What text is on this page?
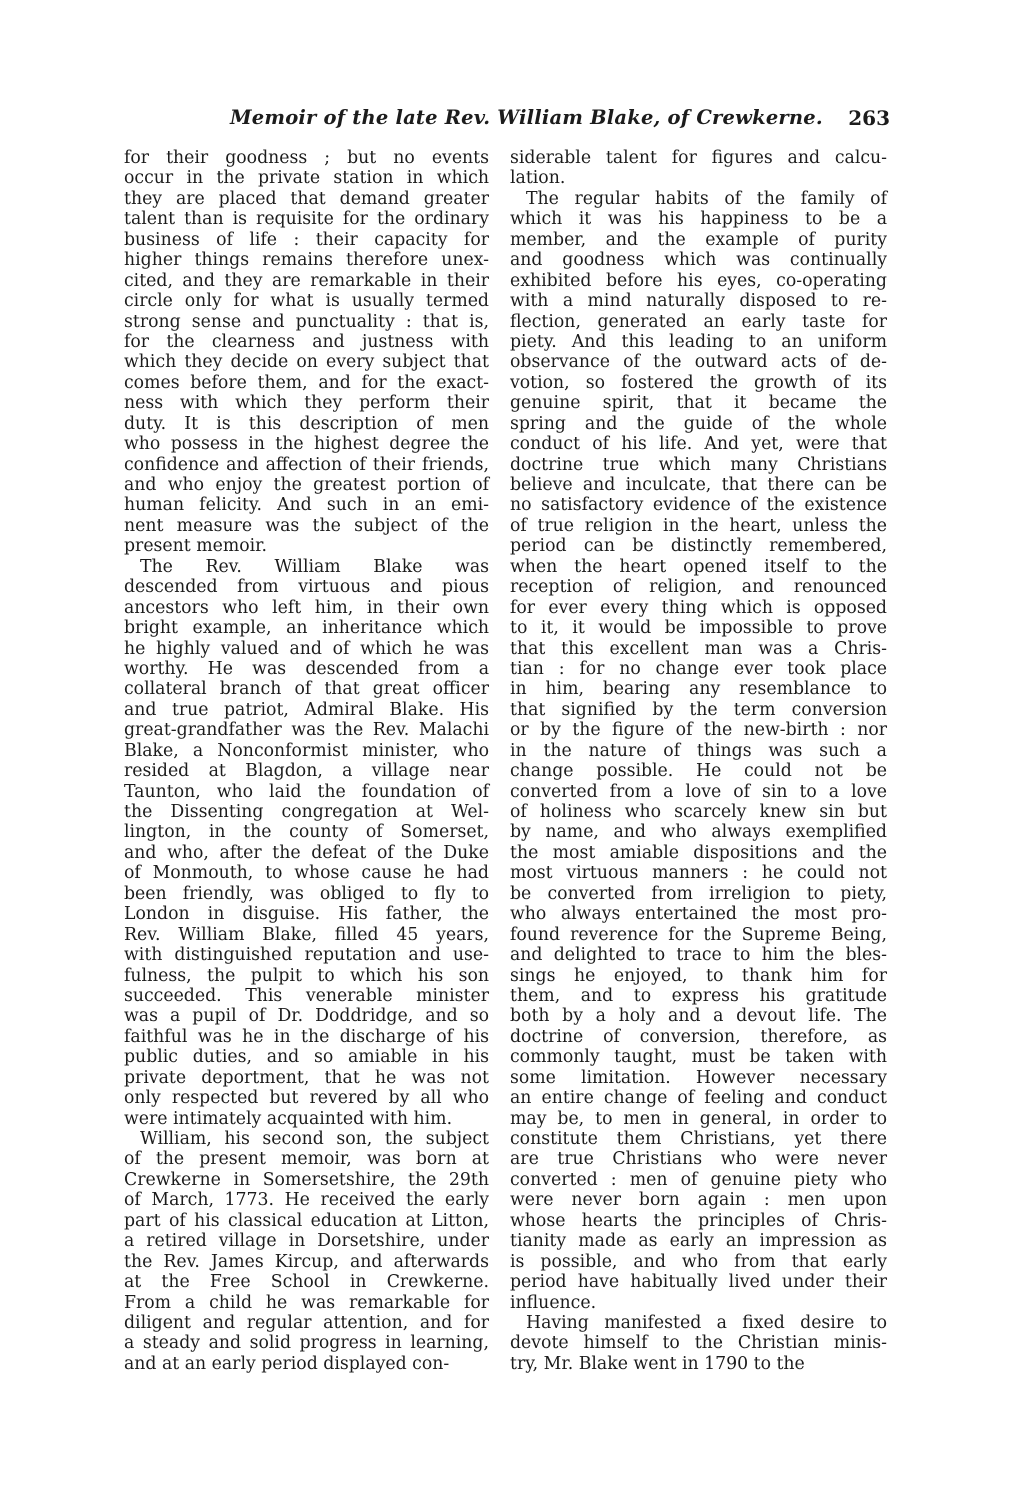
Memoir of the late Rev. William Blake, of Crewkerne. 263
for their goodness ; but no events
occur in the private station in which
they are placed that demand greater
talent than is requisite for the ordinary
business of life : their capacity for
higher things remains therefore unex-
cited, and they are remarkable in their
circle only for what is usually termed
strong sense and punctuality : that is,
for the clearness and justness with
which they decide on every subject that
comes before them, and for the exact-
ness with which they perform their
duty. It is this description of men
who possess in the highest degree the
confidence and affection of their friends,
and who enjoy the greatest portion of
human felicity. And such in an emi-
nent measure was the subject of the
present memoir.
The Rev. William Blake was
descended from virtuous and pious
ancestors who left him, in their own
bright example, an inheritance which
he highly valued and of which he was
worthy. He was descended from a
collateral branch of that great officer
and true patriot, Admiral Blake. His
great-grandfather was the Rev. Malachi
Blake, a Nonconformist minister, who
resided at Blagdon, a village near
Taunton, who laid the foundation of
the Dissenting congregation at Wel-
lington, in the county of Somerset,
and who, after the defeat of the Duke
of Monmouth, to whose cause he had
been friendly, was obliged to fly to
London in disguise. His father, the
Rev. William Blake, filled 45 years,
with distinguished reputation and use-
fulness, the pulpit to which his son
succeeded. This venerable minister
was a pupil of Dr. Doddridge, and so
faithful was he in the discharge of his
public duties, and so amiable in his
private deportment, that he was not
only respected but revered by all who
were intimately acquainted with him.
William, his second son, the subject
of the present memoir, was born at
Crewkerne in Somersetshire, the 29th
of March, 1773. He received the early
part of his classical education at Litton,
a retired village in Dorsetshire, under
the Rev. James Kircup, and afterwards
at the Free School in Crewkerne.
From a child he was remarkable for
diligent and regular attention, and for
a steady and solid progress in learning,
and at an early period displayed con-
siderable talent for figures and calcu-
lation.
The regular habits of the family of
which it was his happiness to be a
member, and the example of purity
and goodness which was continually
exhibited before his eyes, co-operating
with a mind naturally disposed to re-
flection, generated an early taste for
piety. And this leading to an uniform
observance of the outward acts of de-
votion, so fostered the growth of its
genuine spirit, that it became the
spring and the guide of the whole
conduct of his life. And yet, were that
doctrine true which many Christians
believe and inculcate, that there can be
no satisfactory evidence of the existence
of true religion in the heart, unless the
period can be distinctly remembered,
when the heart opened itself to the
reception of religion, and renounced
for ever every thing which is opposed
to it, it would be impossible to prove
that this excellent man was a Chris-
tian : for no change ever took place
in him, bearing any resemblance to
that signified by the term conversion
or by the figure of the new-birth : nor
in the nature of things was such a
change possible. He could not be
converted from a love of sin to a love
of holiness who scarcely knew sin but
by name, and who always exemplified
the most amiable dispositions and the
most virtuous manners : he could not
be converted from irreligion to piety,
who always entertained the most pro-
found reverence for the Supreme Being,
and delighted to trace to him the bles-
sings he enjoyed, to thank him for
them, and to express his gratitude
both by a holy and a devout life. The
doctrine of conversion, therefore, as
commonly taught, must be taken with
some limitation. However necessary
an entire change of feeling and conduct
may be, to men in general, in order to
constitute them Christians, yet there
are true Christians who were never
converted : men of genuine piety who
were never born again : men upon
whose hearts the principles of Chris-
tianity made as early an impression as
is possible, and who from that early
period have habitually lived under their
influence.
Having manifested a fixed desire to
devote himself to the Christian minis-
try, Mr. Blake went in 1790 to the
